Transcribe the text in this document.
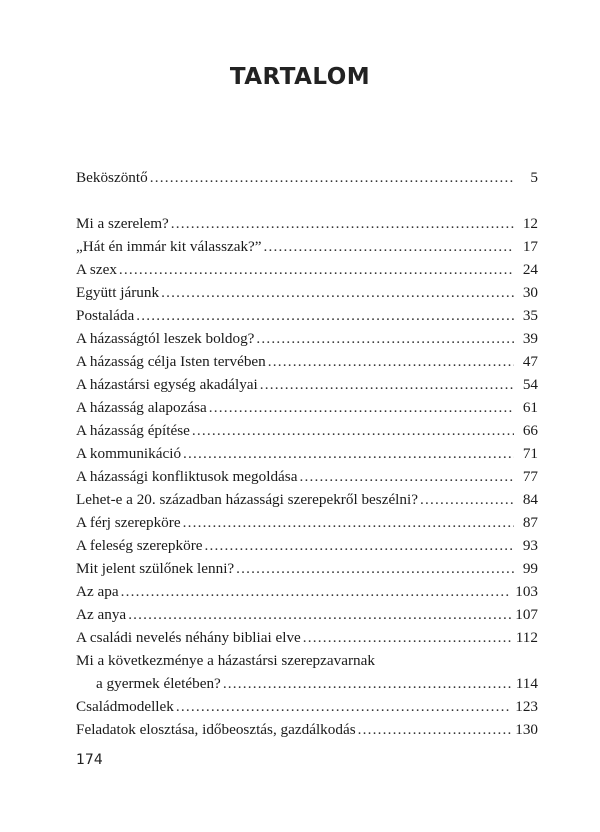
TARTALOM
Beköszöntő .....	5
Mi a szerelem? .....	12
„Hát én immár kit válasszak?” .....	17
A szex .....	24
Együtt járunk .....	30
Postaláda .....	35
A házasságtól leszek boldog? .....	39
A házasság célja Isten tervében .....	47
A házastársi egység akadályai .....	54
A házasság alapozása .....	61
A házasság építése .....	66
A kommunikáció .....	71
A házassági konfliktusok megoldása .....	77
Lehet-e a 20. században házassági szerepekről beszélni? .....	84
A férj szerepköre .....	87
A feleség szerepköre .....	93
Mit jelent szülőnek lenni? .....	99
Az apa .....	103
Az anya .....	107
A családi nevelés néhány bibliai elve .....	112
Mi a következménye a házastársi szerepzavarnak
a gyermek életében? .....	114
Családmodellek .....	123
Feladatok elosztása, időbeosztás, gazdálkodás .....	130
174
